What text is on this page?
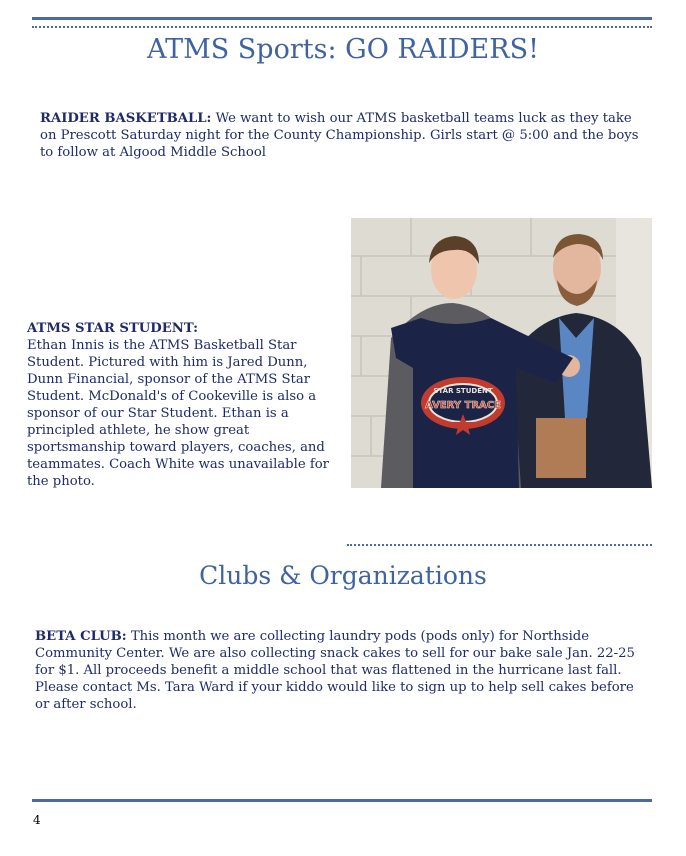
ATMS Sports: GO RAIDERS!
RAIDER BASKETBALL: We want to wish our ATMS basketball teams luck as they take on Prescott Saturday night for the County Championship. Girls start @ 5:00 and the boys to follow at Algood Middle School
ATMS STAR STUDENT:
Ethan Innis is the ATMS Basketball Star Student. Pictured with him is Jared Dunn, Dunn Financial, sponsor of the ATMS Star Student. McDonald's of Cookeville is also a sponsor of our Star Student. Ethan is a principled athlete, he show great sportsmanship toward players, coaches, and teammates. Coach White was unavailable for the photo.
STAR STUDENT
AVERY TRACE
Clubs & Organizations
BETA CLUB: This month we are collecting laundry pods (pods only) for Northside Community Center. We are also collecting snack cakes to sell for our bake sale Jan. 22-25 for $1. All proceeds benefit a middle school that was flattened in the hurricane last fall. Please contact Ms. Tara Ward if your kiddo would like to sign up to help sell cakes before or after school.
4
